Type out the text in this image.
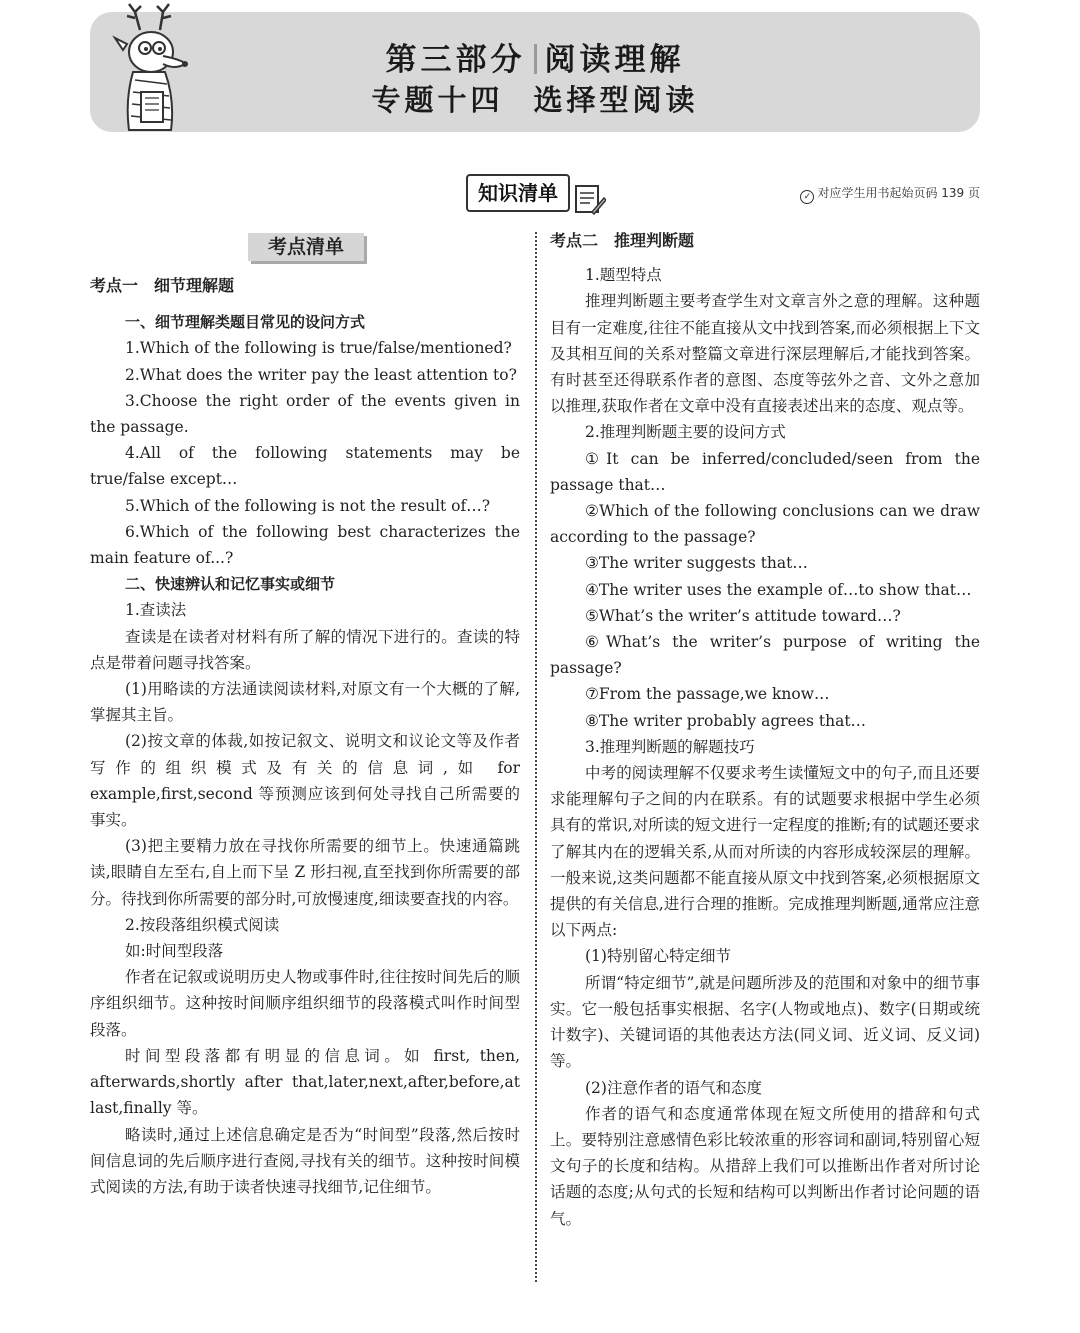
第三部分 阅读理解
专题十四 选择型阅读
知识清单	✓ 对应学生用书起始页码 139 页
考点清单

考点一　细节理解题

一、细节理解类题目常见的设问方式

1.Which of the following is true/false/mentioned?

2.What does the writer pay the least attention to?

3.Choose the right order of the events given in the passage.

4.All of the following statements may be true/false except…

5.Which of the following is not the result of…?

6.Which of the following best characterizes the main feature of...?

二、快速辨认和记忆事实或细节

1.查读法

查读是在读者对材料有所了解的情况下进行的。查读的特点是带着问题寻找答案。

(1)用略读的方法通读阅读材料,对原文有一个大概的了解,掌握其主旨。

(2)按文章的体裁,如按记叙文、说明文和议论文等及作者写作的组织模式及有关的信息词,如 for example,first,second 等预测应该到何处寻找自己所需要的事实。

(3)把主要精力放在寻找你所需要的细节上。快速通篇跳读,眼睛自左至右,自上而下呈 Z 形扫视,直至找到你所需要的部分。待找到你所需要的部分时,可放慢速度,细读要查找的内容。

2.按段落组织模式阅读

如:时间型段落

作者在记叙或说明历史人物或事件时,往往按时间先后的顺序组织细节。这种按时间顺序组织细节的段落模式叫作时间型段落。

时间型段落都有明显的信息词。如 first, then, afterwards,shortly after that,later,next,after,before,at last,finally 等。

略读时,通过上述信息确定是否为“时间型”段落,然后按时间信息词的先后顺序进行查阅,寻找有关的细节。这种按时间模式阅读的方法,有助于读者快速寻找细节,记住细节。

考点二　推理判断题

1.题型特点

推理判断题主要考查学生对文章言外之意的理解。这种题目有一定难度,往往不能直接从文中找到答案,而必须根据上下文及其相互间的关系对整篇文章进行深层理解后,才能找到答案。有时甚至还得联系作者的意图、态度等弦外之音、文外之意加以推理,获取作者在文章中没有直接表述出来的态度、观点等。

2.推理判断题主要的设问方式

①It can be inferred/concluded/seen from the passage that…

②Which of the following conclusions can we draw according to the passage?

③The writer suggests that…

④The writer uses the example of…to show that…

⑤What’s the writer’s attitude toward…?

⑥What’s the writer’s purpose of writing the passage?

⑦From the passage,we know…

⑧The writer probably agrees that…

3.推理判断题的解题技巧

中考的阅读理解不仅要求考生读懂短文中的句子,而且还要求能理解句子之间的内在联系。有的试题要求根据中学生必须具有的常识,对所读的短文进行一定程度的推断;有的试题还要求了解其内在的逻辑关系,从而对所读的内容形成较深层的理解。一般来说,这类问题都不能直接从原文中找到答案,必须根据原文提供的有关信息,进行合理的推断。完成推理判断题,通常应注意以下两点:

(1)特别留心特定细节

所谓“特定细节”,就是问题所涉及的范围和对象中的细节事实。它一般包括事实根据、名字(人物或地点)、数字(日期或统计数字)、关键词语的其他表达方法(同义词、近义词、反义词)等。

(2)注意作者的语气和态度

作者的语气和态度通常体现在短文所使用的措辞和句式上。要特别注意感情色彩比较浓重的形容词和副词,特别留心短文句子的长度和结构。从措辞上我们可以推断出作者对所讨论话题的态度;从句式的长短和结构可以判断出作者讨论问题的语气。
